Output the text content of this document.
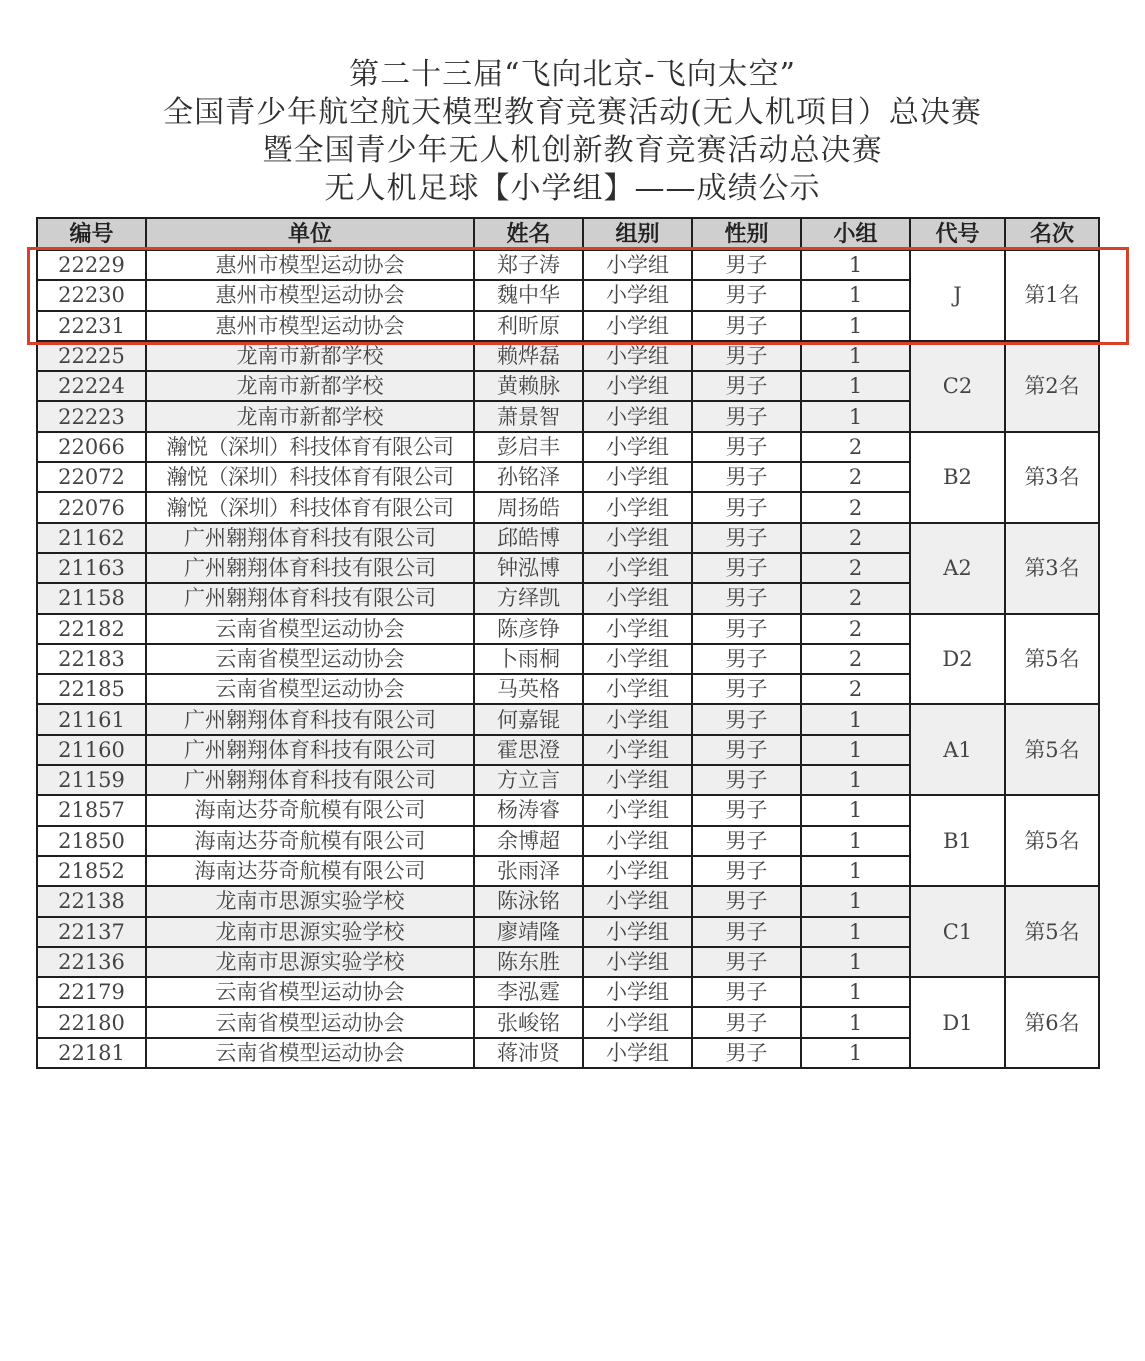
第二十三届“飞向北京-飞向太空”
全国青少年航空航天模型教育竞赛活动(无人机项目）总决赛
暨全国青少年无人机创新教育竞赛活动总决赛
无人机足球【小学组】——成绩公示
编号	单位	姓名	组别	性别	小组	代号	名次
22229	惠州市模型运动协会	郑子涛	小学组	男子	1	J	第1名
22230	惠州市模型运动协会	魏中华	小学组	男子	1		
22231	惠州市模型运动协会	利昕原	小学组	男子	1		
22225	龙南市新都学校	赖烨磊	小学组	男子	1	C2	第2名
22224	龙南市新都学校	黄赖脉	小学组	男子	1		
22223	龙南市新都学校	萧景智	小学组	男子	1		
22066	瀚悦（深圳）科技体育有限公司	彭启丰	小学组	男子	2	B2	第3名
22072	瀚悦（深圳）科技体育有限公司	孙铭泽	小学组	男子	2		
22076	瀚悦（深圳）科技体育有限公司	周扬皓	小学组	男子	2		
21162	广州翱翔体育科技有限公司	邱皓博	小学组	男子	2	A2	第3名
21163	广州翱翔体育科技有限公司	钟泓博	小学组	男子	2		
21158	广州翱翔体育科技有限公司	方绎凯	小学组	男子	2		
22182	云南省模型运动协会	陈彦铮	小学组	男子	2	D2	第5名
22183	云南省模型运动协会	卜雨桐	小学组	男子	2		
22185	云南省模型运动协会	马英格	小学组	男子	2		
21161	广州翱翔体育科技有限公司	何嘉锟	小学组	男子	1	A1	第5名
21160	广州翱翔体育科技有限公司	霍思澄	小学组	男子	1		
21159	广州翱翔体育科技有限公司	方立言	小学组	男子	1		
21857	海南达芬奇航模有限公司	杨涛睿	小学组	男子	1	B1	第5名
21850	海南达芬奇航模有限公司	余博超	小学组	男子	1		
21852	海南达芬奇航模有限公司	张雨泽	小学组	男子	1		
22138	龙南市思源实验学校	陈泳铭	小学组	男子	1	C1	第5名
22137	龙南市思源实验学校	廖靖隆	小学组	男子	1		
22136	龙南市思源实验学校	陈东胜	小学组	男子	1		
22179	云南省模型运动协会	李泓霆	小学组	男子	1	D1	第6名
22180	云南省模型运动协会	张峻铭	小学组	男子	1		
22181	云南省模型运动协会	蒋沛贤	小学组	男子	1		
